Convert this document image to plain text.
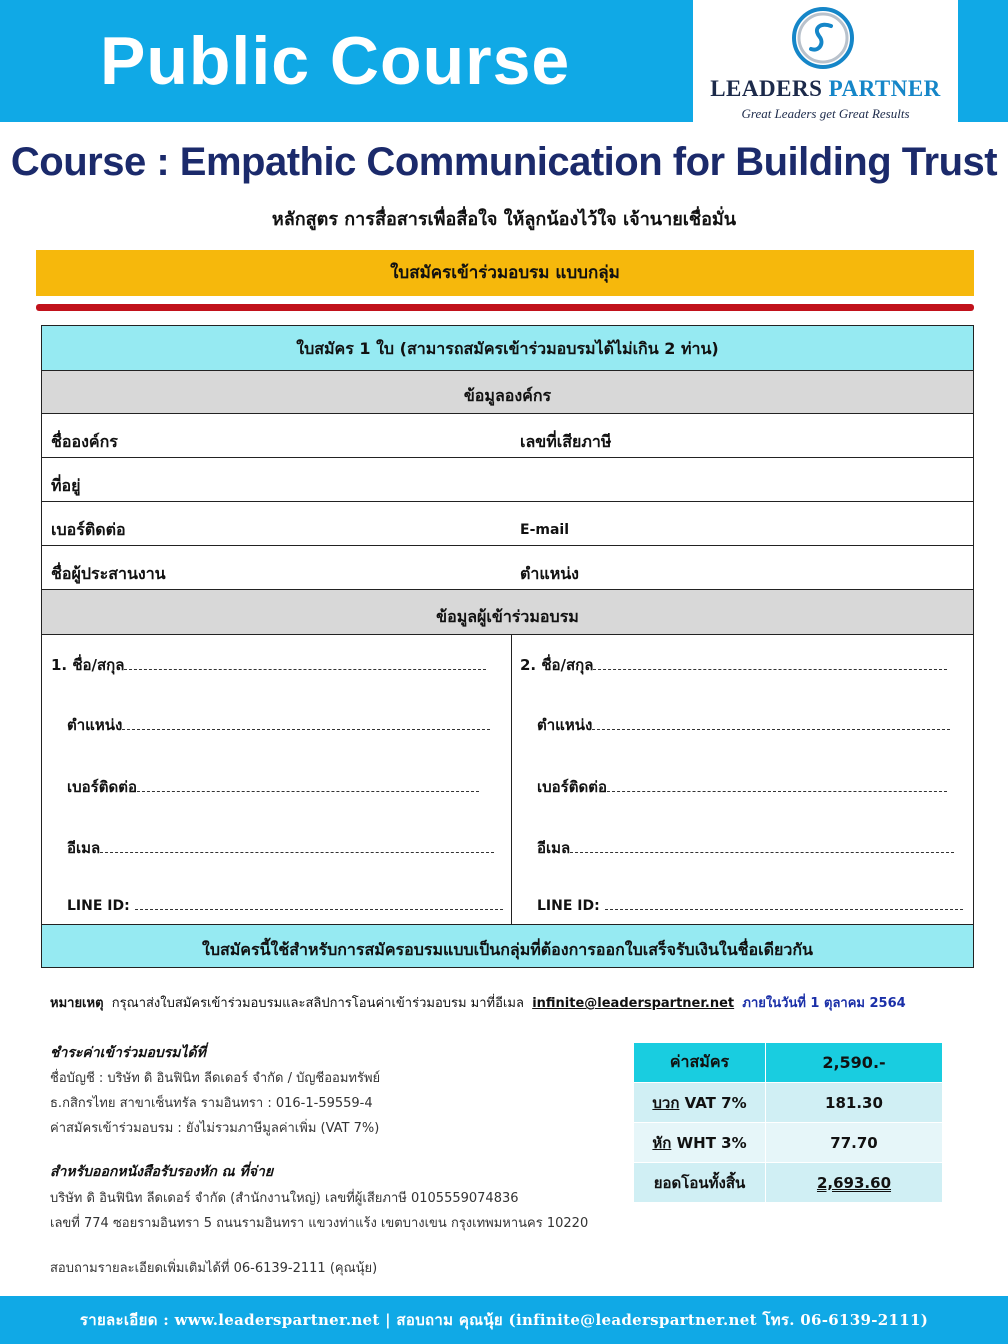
Public Course	LEADERS PARTNER
Great Leaders get Great Results
Course : Empathic Communication for Building Trust
หลักสูตร การสื่อสารเพื่อสื่อใจ ให้ลูกน้องไว้ใจ เจ้านายเชื่อมั่น
ใบสมัครเข้าร่วมอบรม แบบกลุ่ม
ใบสมัคร 1 ใบ (สามารถสมัครเข้าร่วมอบรมได้ไม่เกิน 2 ท่าน)
ข้อมูลองค์กร
ชื่อองค์กร	เลขที่เสียภาษี
ที่อยู่
เบอร์ติดต่อ	E-mail
ชื่อผู้ประสานงาน	ตำแหน่ง
ข้อมูลผู้เข้าร่วมอบรม
1. ชื่อ/สกุล
ตำแหน่ง
เบอร์ติดต่อ
อีเมล
LINE ID:
2. ชื่อ/สกุล
ตำแหน่ง
เบอร์ติดต่อ
อีเมล
LINE ID:
ใบสมัครนี้ใช้สำหรับการสมัครอบรมแบบเป็นกลุ่มที่ต้องการออกใบเสร็จรับเงินในชื่อเดียวกัน
หมายเหตุ กรุณาส่งใบสมัครเข้าร่วมอบรมและสลิปการโอนค่าเข้าร่วมอบรม มาที่อีเมล infinite@leaderspartner.net ภายในวันที่ 1 ตุลาคม 2564
ชำระค่าเข้าร่วมอบรมได้ที่
ชื่อบัญชี : บริษัท ดิ อินฟินิท ลีดเดอร์ จำกัด / บัญชีออมทรัพย์
ธ.กสิกรไทย สาขาเซ็นทรัล รามอินทรา : 016-1-59559-4
ค่าสมัครเข้าร่วมอบรม : ยังไม่รวมภาษีมูลค่าเพิ่ม (VAT 7%)
สำหรับออกหนังสือรับรองหัก ณ ที่จ่าย
บริษัท ดิ อินฟินิท ลีดเดอร์ จำกัด (สำนักงานใหญ่) เลขที่ผู้เสียภาษี 0105559074836
เลขที่ 774 ซอยรามอินทรา 5 ถนนรามอินทรา แขวงท่าแร้ง เขตบางเขน กรุงเทพมหานคร 10220
สอบถามรายละเอียดเพิ่มเติมได้ที่ 06-6139-2111 (คุณนุ้ย)
ค่าสมัคร	2,590.-
บวก VAT 7%	181.30
หัก WHT 3%	77.70
ยอดโอนทั้งสิ้น	2,693.60
รายละเอียด : www.leaderspartner.net | สอบถาม คุณนุ้ย (infinite@leaderspartner.net โทร. 06-6139-2111)
